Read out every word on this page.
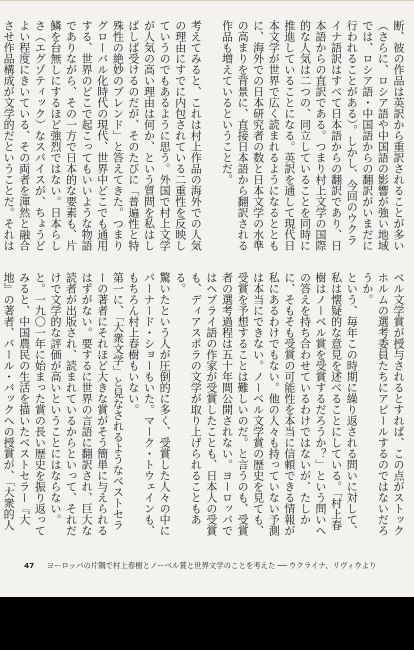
断、彼の作品は英訳から重訳されることが多い（さらに、ロシア語や中国語の影響が強い地域では、ロシア語・中国語からの翻訳がいまだに行われることがある）。しかし、今回のウクライナ語訳はすべて日本語からの翻訳であり、日本語からの直訳である。つまり村上文学の国際的な人気は二つの、同立していることを同時に推進していることになる。英訳を通して現代日本文学が世界で広く読まれるようになるとともに、海外での日本研究者の数と日本文学の水準の高まりを背景に、直接日本語から翻訳される作品も増えているということだ。

考えてみると、これは村上作品の海外での人気の理由にすでに内包されている二重性を反映していうのでもあるように思う。外国で村上文学が人気の高い理由は何か、という質問を私はしばしば受けるのだが、そのたびに「普遍性と特殊性の絶妙のブレンド」と答えてきた。つまりグローバル化時代の現代、世界中どこでも通用する、世界のどこで起こってもいいような物語でありながら、その一方で日本的な要素も、片鱗を台無しにするほど強烈ではない。日本らしさ（エグゾティック）なスパイスが、ちょうどよい程度にきいている、その両者を渾然と融合させ作品構成が文学的だということだ。それは
ベル文学賞が授与されるとすれば、この点がストックホルムの選考委員たちにアピールするのではないだろうか。
という、毎年この時期に繰り返される問いに対して、私は懐疑的な意見を述べることにしている。「村上春樹はノーベル賞を受賞するだろうか？」という問いへの答えを持ち合わせているわけではないが、たしかに、そもそも受賞の可能性を本当に信頼できる情報が私にあるわけでもない。他の人々も持っていない予測は本当にできない。ノーベル文学賞の歴史を見ても、受賞を予想することは難しいのだ。と言うのも、受賞者の選考過程は五十年間公開されない。ヨーロッパではヘブライ語の作家が受賞したことも、日本人の受賞も、ディアスポラの文学が取り上げられることもある。
驚いたという人が圧倒的に多く、受賞した人々の中にパーナード・ショーもいた。マーク・トウェインも、もちろん村上春樹もいない。
第一に、「大衆文学」と見なされるようなベストセラーの著者にそれほど大きな賞がそう簡単に与えられるはずがない。要するに世界の言語に翻訳され、巨大な読者が出版され、読まれているからといって、それだけで文学的な評価が高いということにはならない。
と。一九〇一年に始まった賞の長い歴史を振り返ってみると、中国農民の生活を描いたベストセラー『大地』の著者、パール・バックへの授賞が、「大衆的人
47 ヨーロッパの片隅で村上春樹とノーベル賞と世界文学のことを考えた ── ウクライナ、リヴィウより
